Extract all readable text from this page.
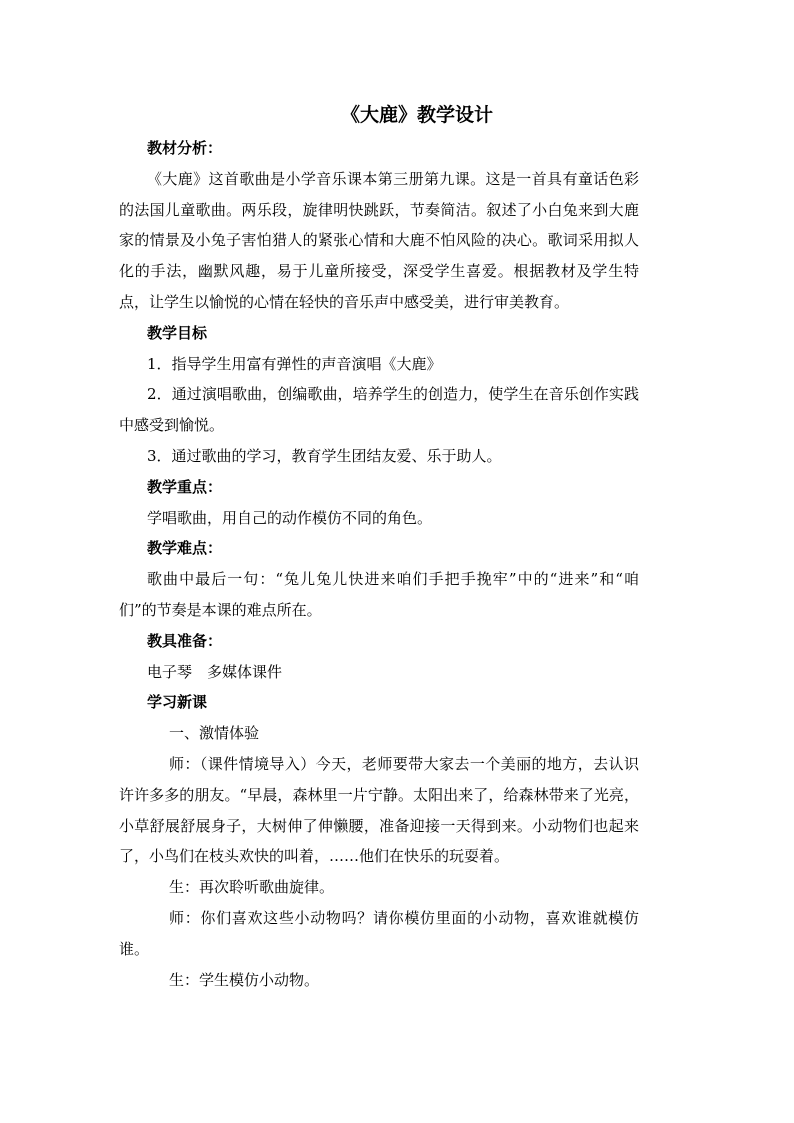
《大鹿》教学设计

教材分析：

《大鹿》这首歌曲是小学音乐课本第三册第九课。这是一首具有童话色彩的法国儿童歌曲。两乐段，旋律明快跳跃，节奏简洁。叙述了小白兔来到大鹿家的情景及小兔子害怕猎人的紧张心情和大鹿不怕风险的决心。歌词采用拟人化的手法，幽默风趣，易于儿童所接受，深受学生喜爱。根据教材及学生特点，让学生以愉悦的心情在轻快的音乐声中感受美，进行审美教育。

教学目标

1．指导学生用富有弹性的声音演唱《大鹿》

2．通过演唱歌曲，创编歌曲，培养学生的创造力，使学生在音乐创作实践中感受到愉悦。

3．通过歌曲的学习，教育学生团结友爱、乐于助人。

教学重点：

学唱歌曲，用自己的动作模仿不同的角色。

教学难点：

歌曲中最后一句：“兔儿兔儿快进来咱们手把手挽牢”中的“进来”和“咱们”的节奏是本课的难点所在。

教具准备：

电子琴　多媒体课件

学习新课

一、激情体验

师：（课件情境导入）今天，老师要带大家去一个美丽的地方，去认识许许多多的朋友。“早晨，森林里一片宁静。太阳出来了，给森林带来了光亮，小草舒展舒展身子，大树伸了伸懒腰，准备迎接一天得到来。小动物们也起来了，小鸟们在枝头欢快的叫着，……他们在快乐的玩耍着。

生：再次聆听歌曲旋律。

师：你们喜欢这些小动物吗？请你模仿里面的小动物，喜欢谁就模仿谁。

生：学生模仿小动物。
